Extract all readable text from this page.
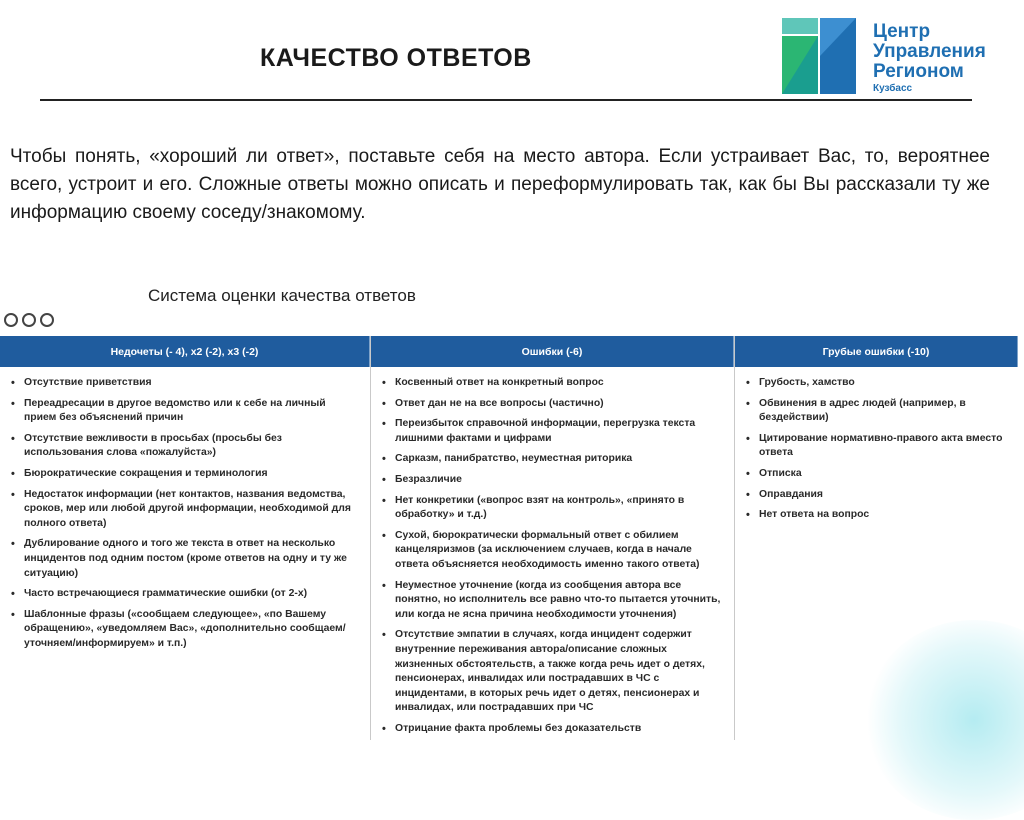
КАЧЕСТВО ОТВЕТОВ
Центр
Управления
Регионом
Кузбасс
Чтобы понять, «хороший ли ответ», поставьте себя на место автора. Если устраивает Вас, то, вероятнее всего, устроит и его. Сложные ответы можно описать и переформулировать так, как бы Вы рассказали ту же информацию своему соседу/знакомому.
Система оценки качества ответов
Недочеты (- 4), х2 (-2), х3 (-2)
• Отсутствие приветствия
• Переадресации в другое ведомство или к себе на личный прием без объяснений причин
• Отсутствие вежливости в просьбах (просьбы без использования слова «пожалуйста»)
• Бюрократические сокращения и терминология
• Недостаток информации (нет контактов, названия ведомства, сроков, мер или любой другой информации, необходимой для полного ответа)
• Дублирование одного и того же текста в ответ на несколько инцидентов под одним постом (кроме ответов на одну и ту же ситуацию)
• Часто встречающиеся грамматические ошибки (от 2-х)
• Шаблонные фразы («сообщаем следующее», «по Вашему обращению», «уведомляем Вас», «дополнительно сообщаем/уточняем/информируем» и т.п.)
Ошибки (-6)
• Косвенный ответ на конкретный вопрос
• Ответ дан не на все вопросы (частично)
• Переизбыток справочной информации, перегрузка текста лишними фактами и цифрами
• Сарказм, панибратство, неуместная риторика
• Безразличие
• Нет конкретики («вопрос взят на контроль», «принято в обработку» и т.д.)
• Сухой, бюрократически формальный ответ с обилием канцеляризмов (за исключением случаев, когда в начале ответа объясняется необходимость именно такого ответа)
• Неуместное уточнение (когда из сообщения автора все понятно, но исполнитель все равно что-то пытается уточнить, или когда не ясна причина необходимости уточнения)
• Отсутствие эмпатии в случаях, когда инцидент содержит внутренние переживания автора/описание сложных жизненных обстоятельств, а также когда речь идет о детях, пенсионерах, инвалидах или пострадавших в ЧС с инцидентами, в которых речь идет о детях, пенсионерах и инвалидах, или пострадавших при ЧС
• Отрицание факта проблемы без доказательств
Грубые ошибки (-10)
• Грубость, хамство
• Обвинения в адрес людей (например, в бездействии)
• Цитирование нормативно-правого акта вместо ответа
• Отписка
• Оправдания
• Нет ответа на вопрос
